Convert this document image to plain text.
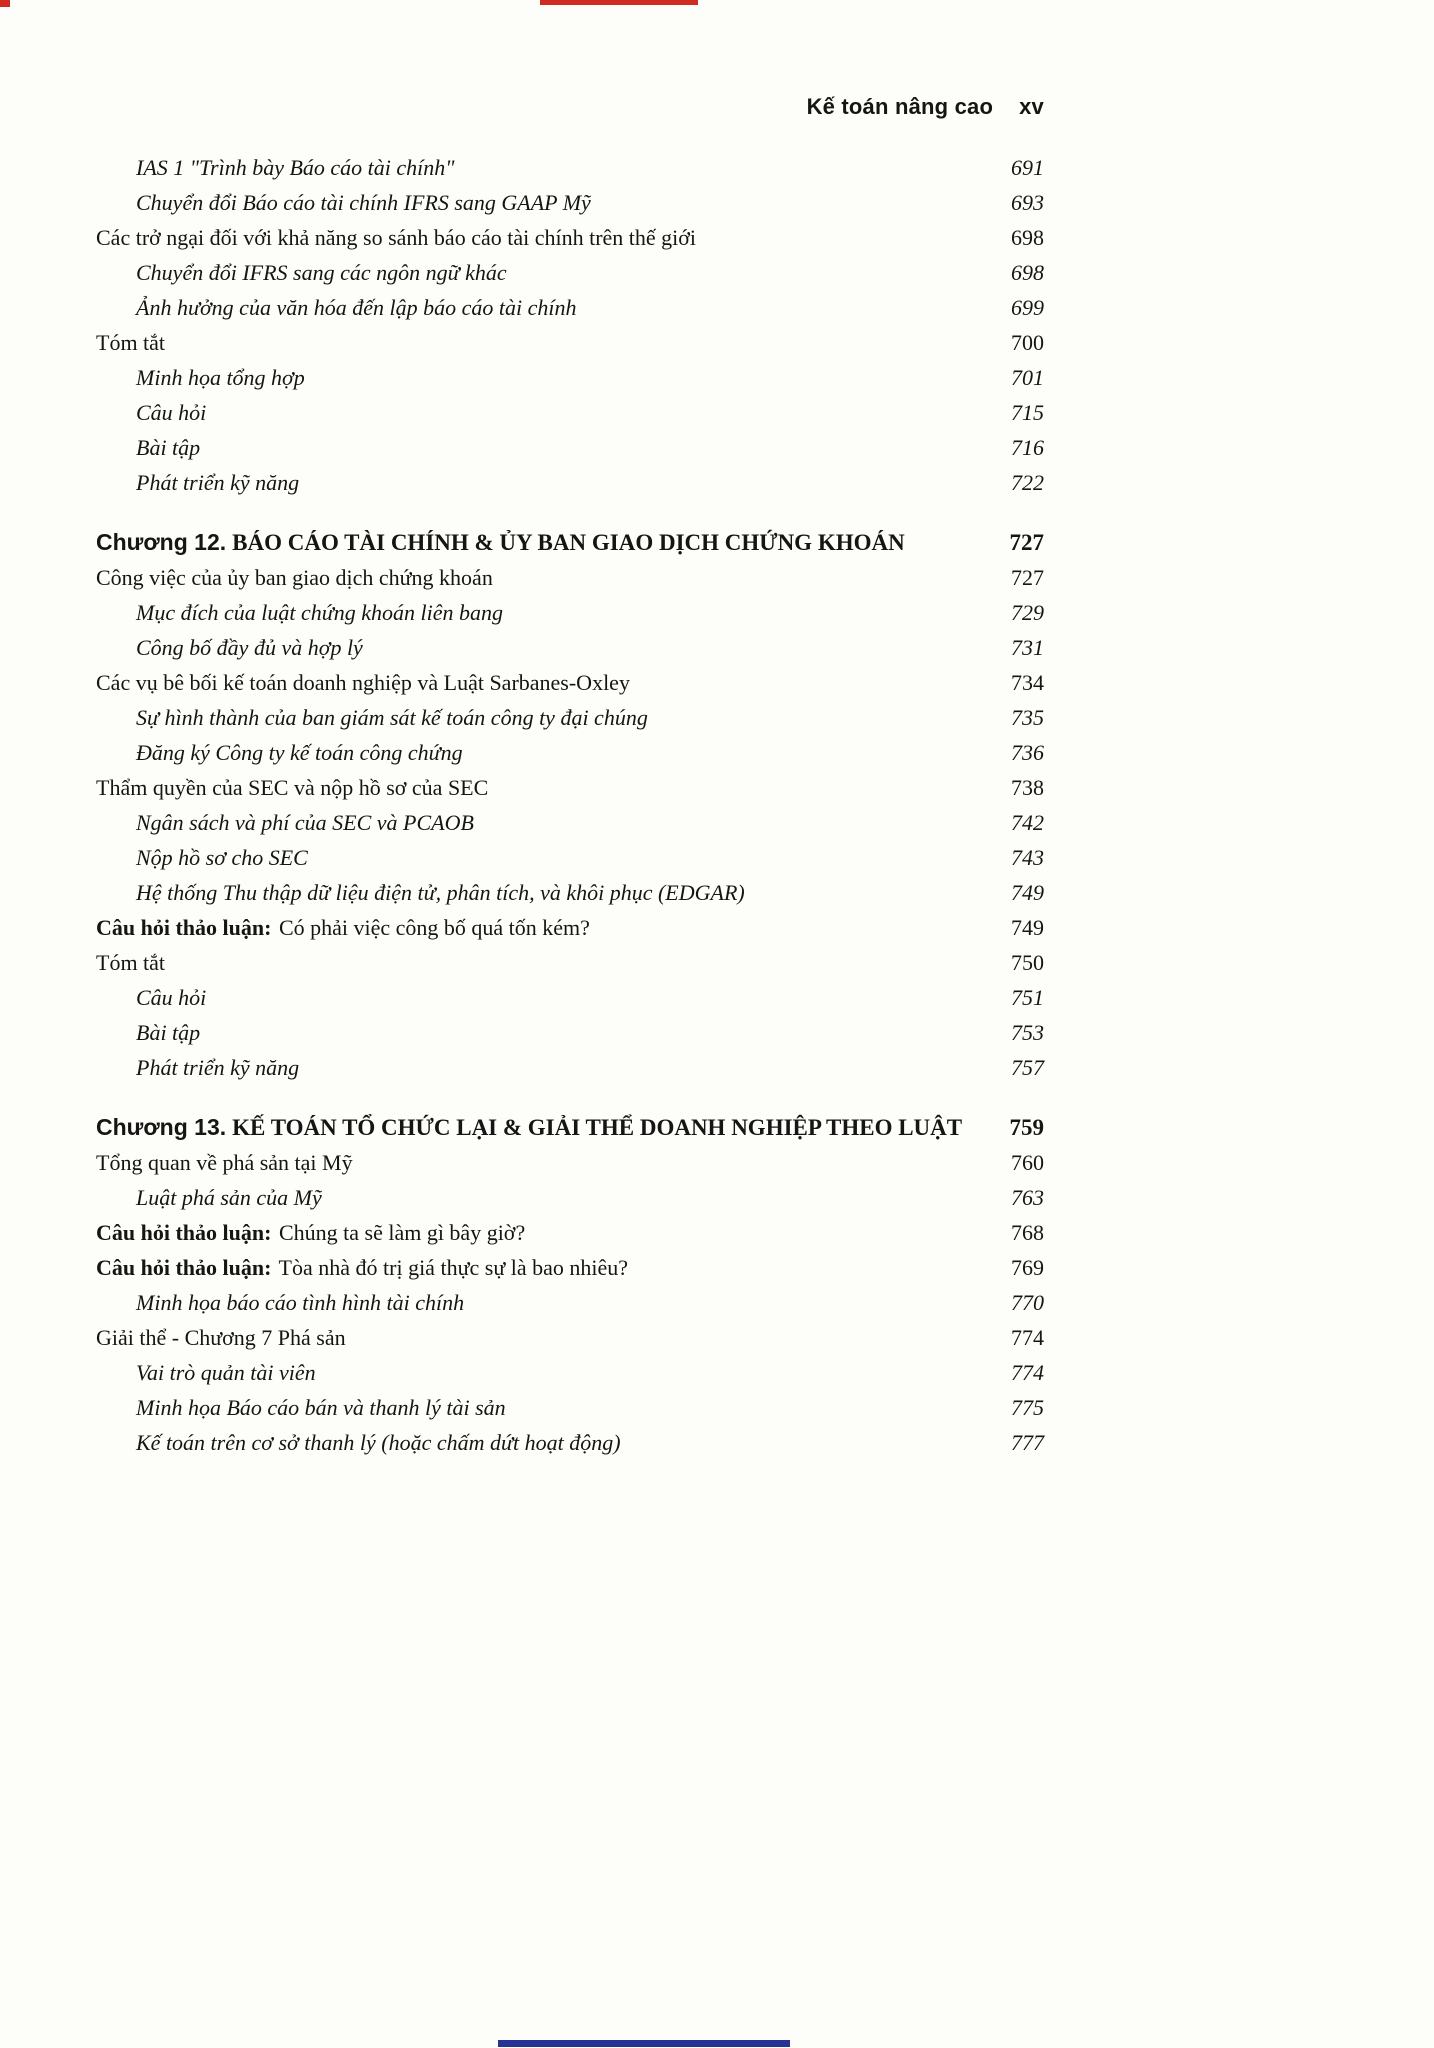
Kế toán nâng cao xv
IAS 1 "Trình bày Báo cáo tài chính"	691
Chuyển đổi Báo cáo tài chính IFRS sang GAAP Mỹ	693
Các trở ngại đối với khả năng so sánh báo cáo tài chính trên thế giới	698
Chuyển đổi IFRS sang các ngôn ngữ khác	698
Ảnh hưởng của văn hóa đến lập báo cáo tài chính	699
Tóm tắt	700
Minh họa tổng hợp	701
Câu hỏi	715
Bài tập	716
Phát triển kỹ năng	722
Chương 12. BÁO CÁO TÀI CHÍNH & ỦY BAN GIAO DỊCH CHỨNG KHOÁN	727
Công việc của ủy ban giao dịch chứng khoán	727
Mục đích của luật chứng khoán liên bang	729
Công bố đầy đủ và hợp lý	731
Các vụ bê bối kế toán doanh nghiệp và Luật Sarbanes-Oxley	734
Sự hình thành của ban giám sát kế toán công ty đại chúng	735
Đăng ký Công ty kế toán công chứng	736
Thẩm quyền của SEC và nộp hồ sơ của SEC	738
Ngân sách và phí của SEC và PCAOB	742
Nộp hồ sơ cho SEC	743
Hệ thống Thu thập dữ liệu điện tử, phân tích, và khôi phục (EDGAR)	749
Câu hỏi thảo luận: Có phải việc công bố quá tốn kém?	749
Tóm tắt	750
Câu hỏi	751
Bài tập	753
Phát triển kỹ năng	757
Chương 13. KẾ TOÁN TỔ CHỨC LẠI & GIẢI THỂ DOANH NGHIỆP THEO LUẬT	759
Tổng quan về phá sản tại Mỹ	760
Luật phá sản của Mỹ	763
Câu hỏi thảo luận: Chúng ta sẽ làm gì bây giờ?	768
Câu hỏi thảo luận: Tòa nhà đó trị giá thực sự là bao nhiêu?	769
Minh họa báo cáo tình hình tài chính	770
Giải thể - Chương 7 Phá sản	774
Vai trò quản tài viên	774
Minh họa Báo cáo bán và thanh lý tài sản	775
Kế toán trên cơ sở thanh lý (hoặc chấm dứt hoạt động)	777
